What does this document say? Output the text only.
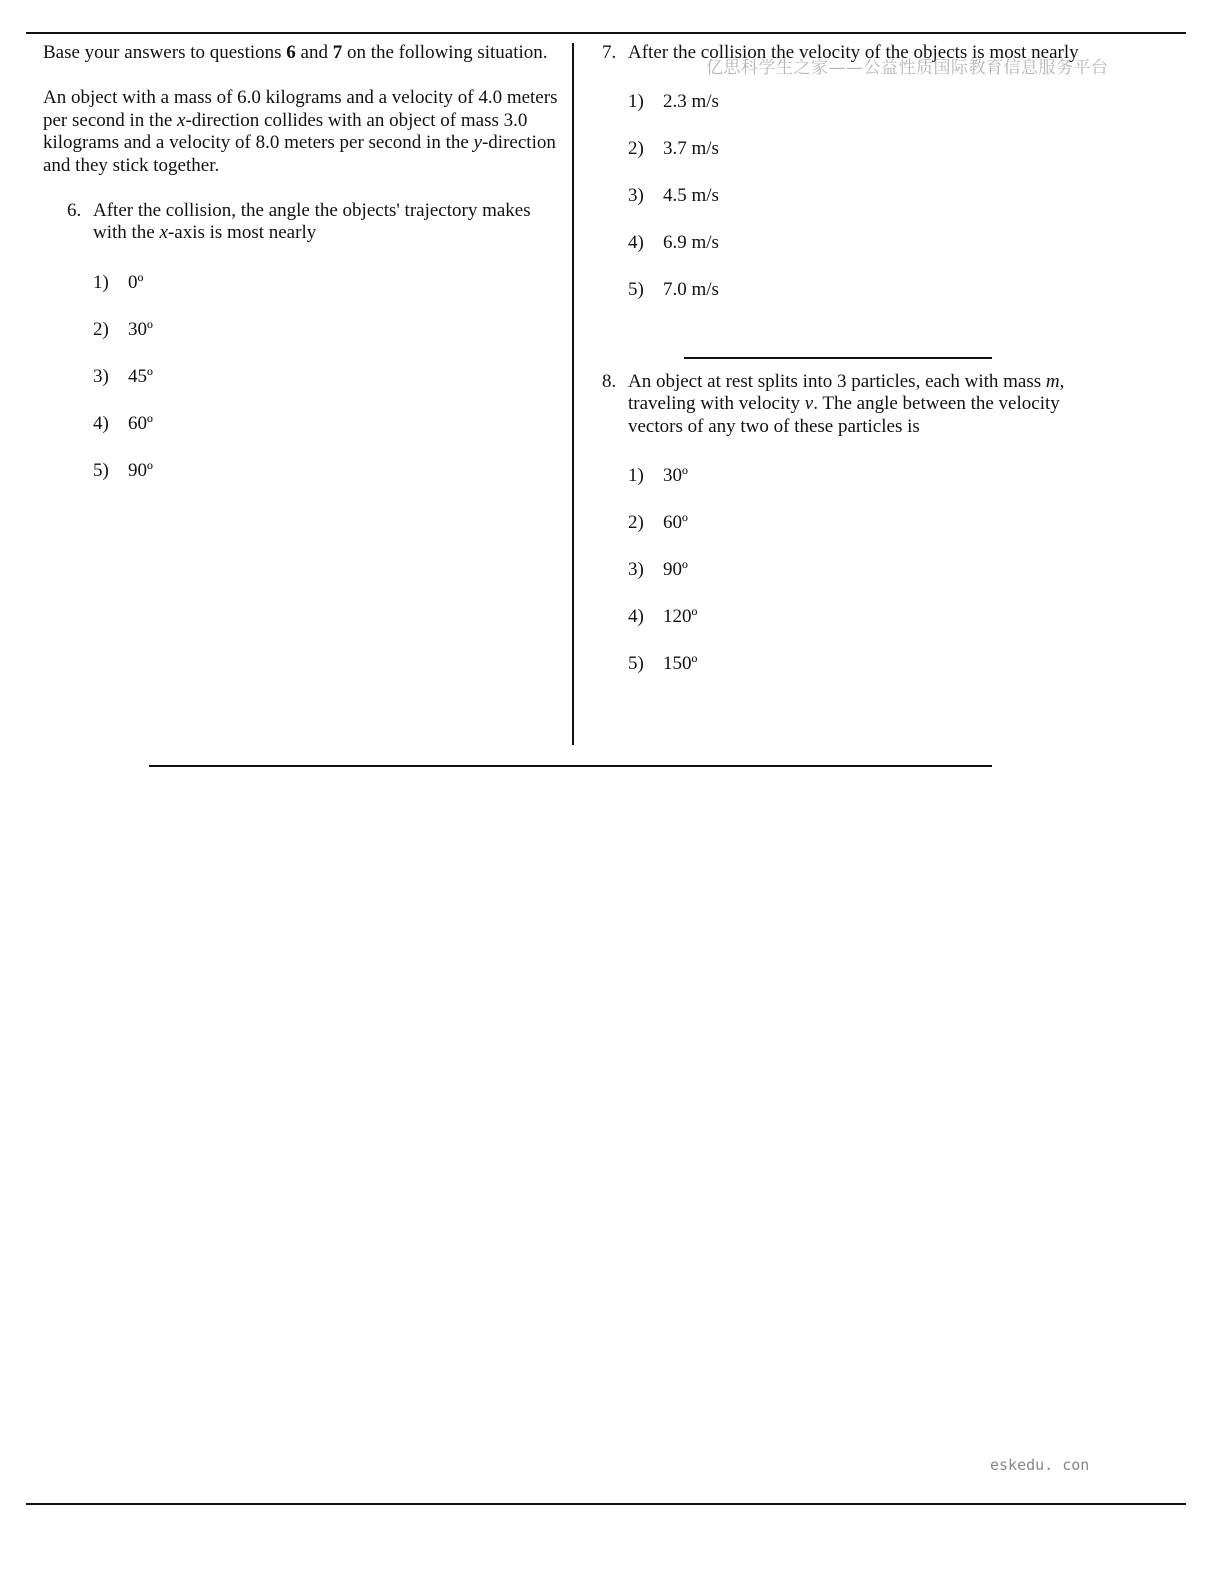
Base your answers to questions 6 and 7 on the following situation.

An object with a mass of 6.0 kilograms and a velocity of 4.0 meters per second in the x-direction collides with an object of mass 3.0 kilograms and a velocity of 8.0 meters per second in the y-direction and they stick together.

6. After the collision, the angle the objects' trajectory makes with the x-axis is most nearly
1)	0º
2)	30º
3)	45º
4)	60º
5)	90º
7. After the collision the velocity of the objects is most nearly
1)	2.3 m/s
2)	3.7 m/s
3)	4.5 m/s
4)	6.9 m/s
5)	7.0 m/s
8. An object at rest splits into 3 particles, each with mass m, traveling with velocity v. The angle between the velocity vectors of any two of these particles is
1)	30º
2)	60º
3)	90º
4)	120º
5)	150º
亿思科学生之家——公益性质国际教育信息服务平台
eskedu. con
